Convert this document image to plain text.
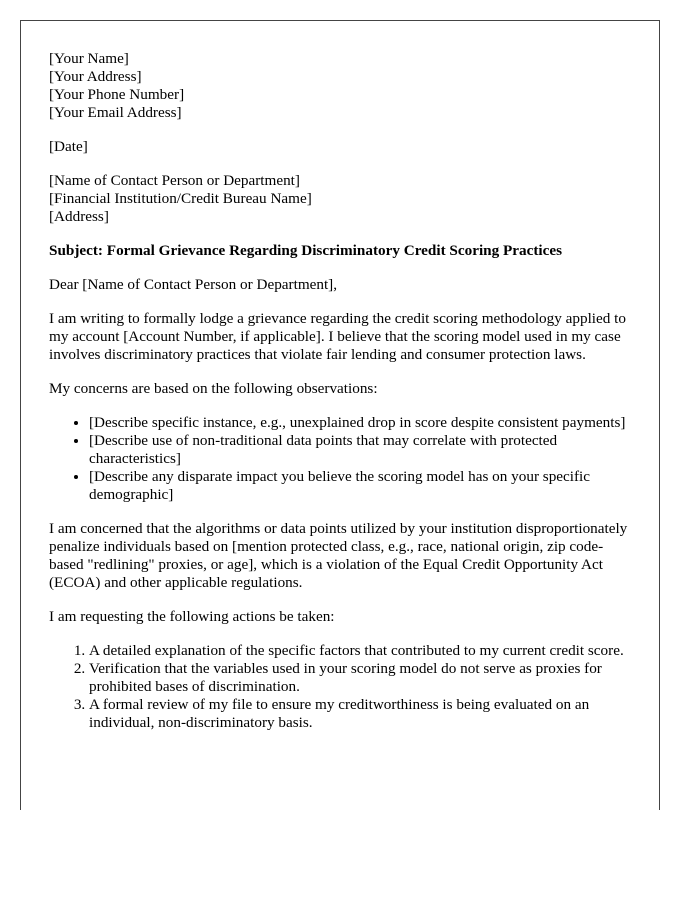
[Your Name]
[Your Address]
[Your Phone Number]
[Your Email Address]
[Date]
[Name of Contact Person or Department]
[Financial Institution/Credit Bureau Name]
[Address]
Subject: Formal Grievance Regarding Discriminatory Credit Scoring Practices

Dear [Name of Contact Person or Department],

I am writing to formally lodge a grievance regarding the credit scoring methodology applied to my account [Account Number, if applicable]. I believe that the scoring model used in my case involves discriminatory practices that violate fair lending and consumer protection laws.

My concerns are based on the following observations:

• [Describe specific instance, e.g., unexplained drop in score despite consistent payments]
• [Describe use of non-traditional data points that may correlate with protected characteristics]
• [Describe any disparate impact you believe the scoring model has on your specific demographic]

I am concerned that the algorithms or data points utilized by your institution disproportionately penalize individuals based on [mention protected class, e.g., race, national origin, zip code-based "redlining" proxies, or age], which is a violation of the Equal Credit Opportunity Act (ECOA) and other applicable regulations.

I am requesting the following actions be taken:

1. A detailed explanation of the specific factors that contributed to my current credit score.
2. Verification that the variables used in your scoring model do not serve as proxies for prohibited bases of discrimination.
3. A formal review of my file to ensure my creditworthiness is being evaluated on an individual, non-discriminatory basis.
